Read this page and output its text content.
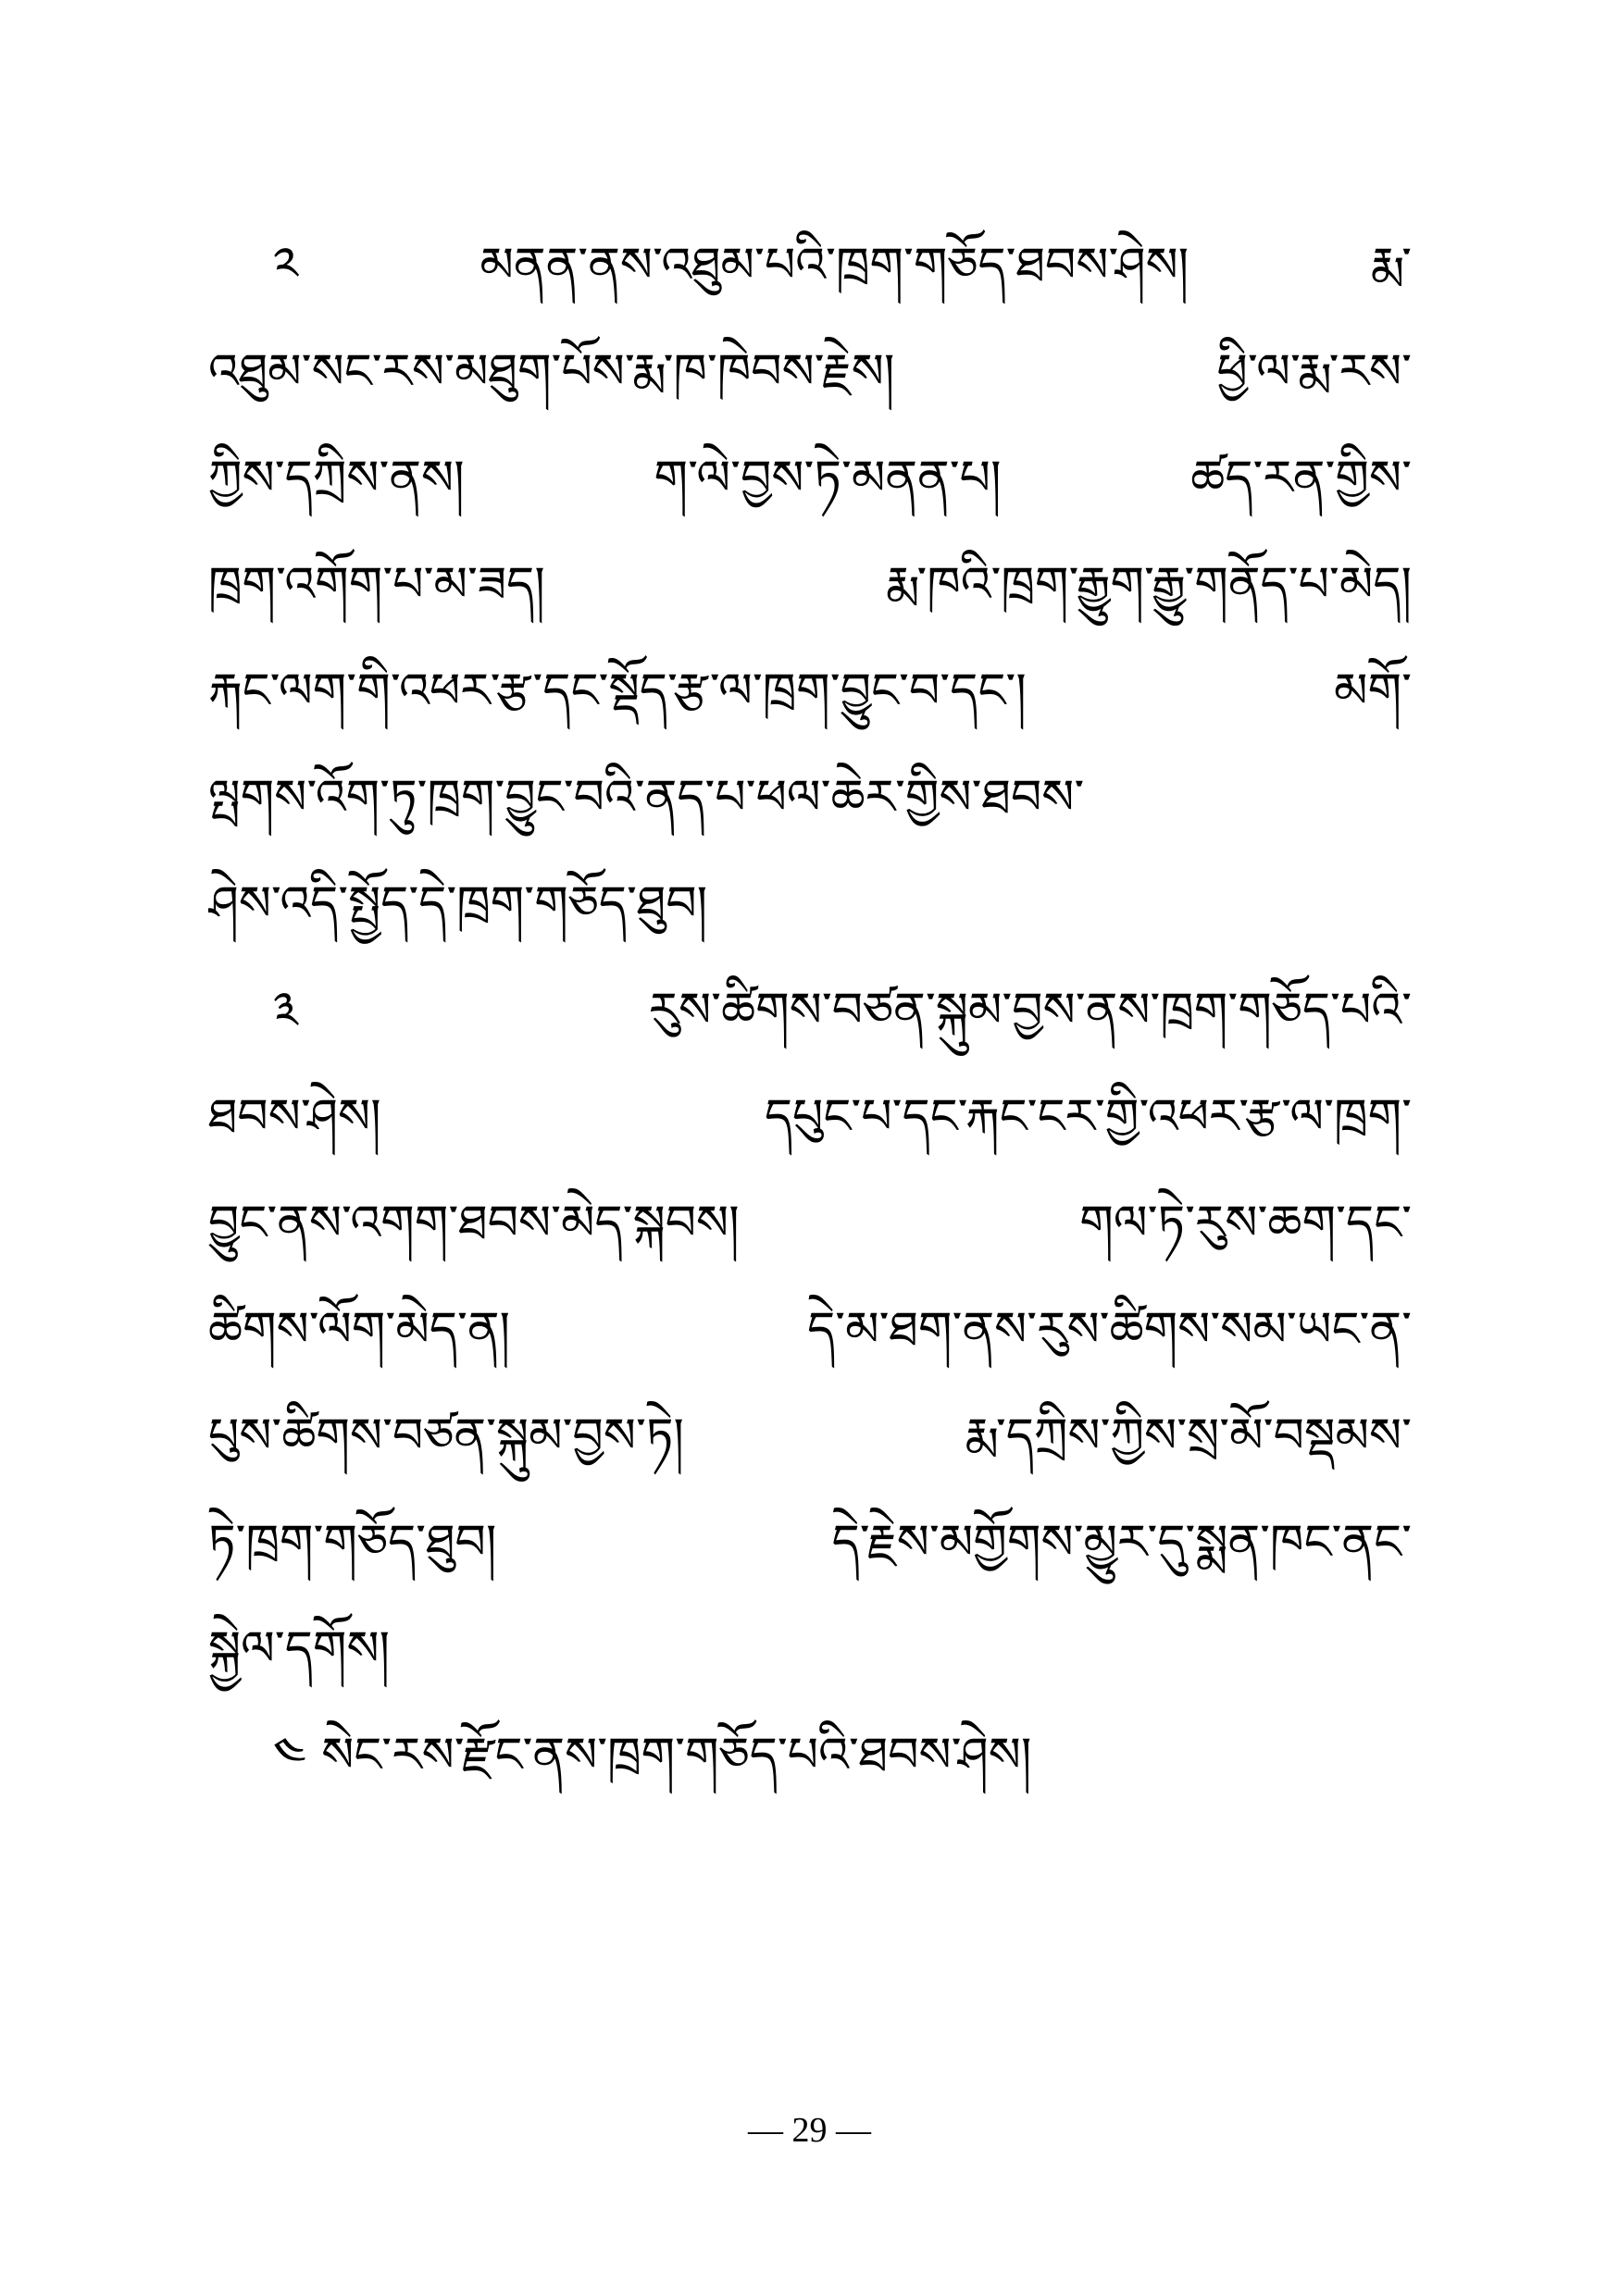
༢ མནན་ནས་འཐུམ་པའི་ཁྲག་གཅོད་ཐབས་ཤེས། རྨ་
འཐུམ་སང་རས་མཐུག་པོས་རྨ་ཁ་ཁེབས་རྗེས། ཕྱི་ལ་རྨ་རས་
ཀྱིས་དཀྲིས་ནས། ག་ལེ་བྱས་ཏེ་མནན་པ། ཚད་རན་གྱིས་
ཁྲག་འགོག་པ་མ་ཟད། རྨ་ཁའི་ཁྲག་རྒྱུག་རྒྱུ་གནོད་པ་མེད།
རྐང་ལག་གི་འཕར་རྩ་དང་སྡོད་རྩ་ལ་ཁྲག་བྱུང་བ་དང་། མགོ་
ལྤགས་འོག་ཏུ་ཁྲག་བྱུང་བའི་ནད་པ་ཕལ་ཆེར་གྱིས་ཐབས་
ཤེས་འདི་སྤྱོད་དེ་ཁྲག་གཅོད་ཐུབ།
༣ རུས་ཚིགས་བཙན་སྐུམ་བྱས་ནས་ཁྲག་གཅོད་པའི་
ཐབས་ཤེས། དཔུང་པ་དང་རྐང་ངར་གྱི་འཕར་རྩ་ལ་ཁྲག་
བྱུང་ནས་འགག་ཐབས་མེད་སྐབས། གལ་ཏེ་རུས་ཆག་དང་
ཚིགས་ལོག་མེད་ན། དེ་མ་ཐག་ནས་རུས་ཚིགས་སམ་ཡང་ན་
པུས་ཚིགས་བཙན་སྐུམ་བྱས་ཏེ། རྨ་དཀྲིས་ཀྱིས་སྲ་མོ་བསྡམས་
ཏེ་ཁྲག་གཅོད་ཐུབ། དེ་རྗེས་མགྱོགས་མྱུར་དུ་སྨན་ཁང་ནང་
སྐྱེལ་དགོས།
༤ སེང་རས་རྫོང་ནས་ཁྲག་གཅོད་པའི་ཐབས་ཤེས།
— 29 —
